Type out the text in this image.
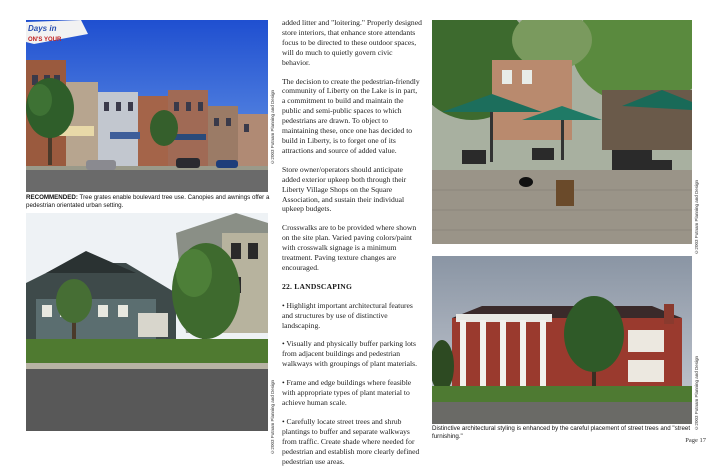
Days in
ON'S YOUR
©2003 Putnam Planning and Design
RECOMMENDED: Tree grates enable boulevard tree use. Canopies and awnings offer a pedestrian orientated urban setting.
©2003 Putnam Planning and Design

added litter and "loitering." Properly designed store interiors, that enhance store attendants focus to be directed to these outdoor spaces, will do much to quietly govern civic behavior.

The decision to create the pedestrian-friendly community of Liberty on the Lake is in part, a commitment to build and maintain the public and semi-public spaces to which pedestrians are drawn. To object to maintaining these, once one has decided to build in Liberty, is to forget one of its attractions and source of added value.

Store owner/operators should anticipate added exterior upkeep both through their Liberty Village Shops on the Square Association, and sustain their individual upkeep budgets.

Crosswalks are to be provided where shown on the site plan. Varied paving colors/paint with crosswalk signage is a minimum treatment. Paving texture changes are encouraged.

22. LANDSCAPING

• Highlight important architectural features and structures by use of distinctive landscaping.

• Visually and physically buffer parking lots from adjacent buildings and pedestrian walkways with groupings of plant materials.

• Frame and edge buildings where feasible with appropriate types of plant material to achieve human scale.

• Carefully locate street trees and shrub plantings to buffer and separate walkways from traffic. Create shade where needed for pedestrian and establish more clearly defined pedestrian use areas.

©2003 Putnam Planning and Design
©2003 Putnam Planning and Design
Distinctive architectural styling is enhanced by the careful placement of street trees and "street furnishing."
Page 17
